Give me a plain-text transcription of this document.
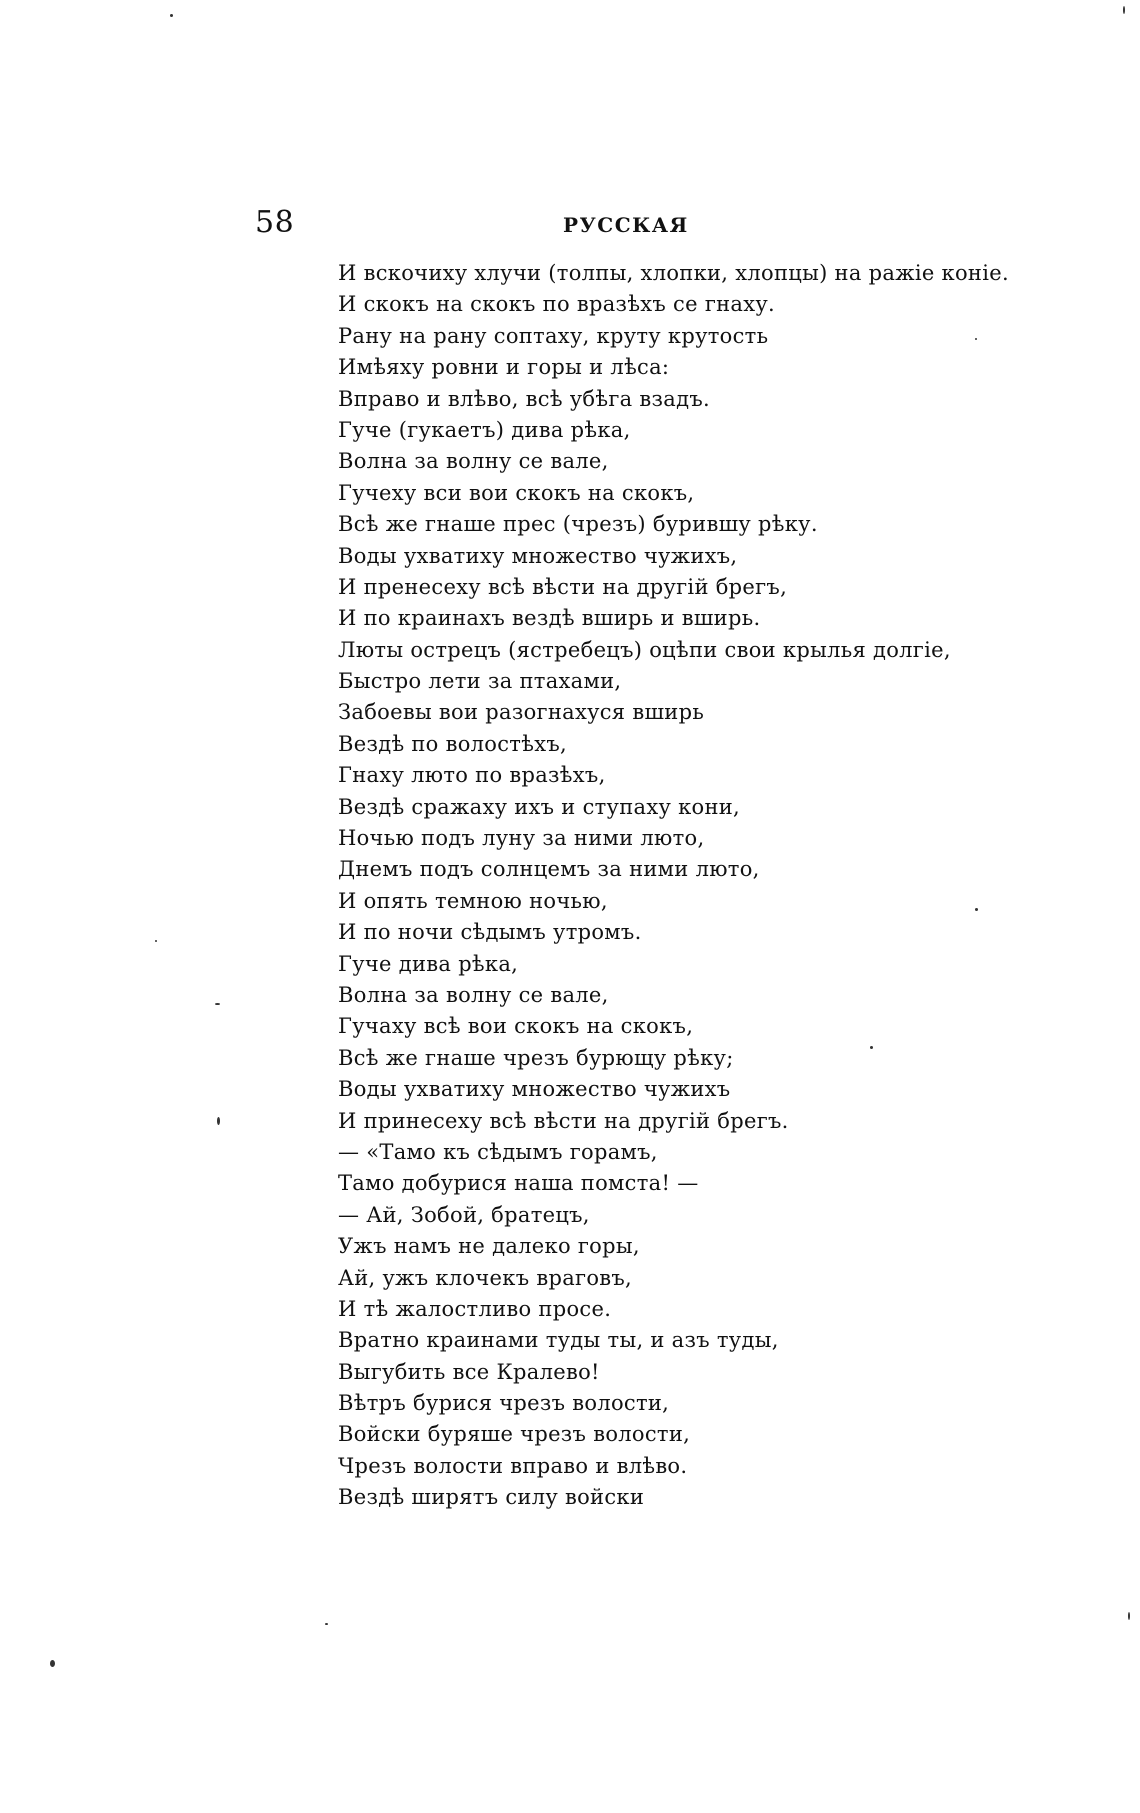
58	РУССКАЯ
И вскочиху хлучи (толпы, хлопки, хлопцы) на ражіе коніе.
И скокъ на скокъ по вразѣхъ се гнаху.
Рану на рану соптаху, круту крутость
Имѣяху ровни и горы и лѣса:
Вправо и влѣво, всѣ убѣга взадъ.
Гуче (гукаетъ) дива рѣка,
Волна за волну се вале,
Гучеху вси вои скокъ на скокъ,
Всѣ же гнаше прес (чрезъ) бурившу рѣку.
Воды ухватиху множество чужихъ,
И пренесеху всѣ вѣсти на другій брегъ,
И по краинахъ вездѣ вширь и вширь.
Люты острецъ (ястребецъ) оцѣпи свои крылья долгіе,
Быстро лети за птахами,
Забоевы вои разогнахуся вширь
Вездѣ по волостѣхъ,
Гнаху люто по вразѣхъ,
Вездѣ сражаху ихъ и ступаху кони,
Ночью подъ луну за ними люто,
Днемъ подъ солнцемъ за ними люто,
И опять темною ночью,
И по ночи сѣдымъ утромъ.
Гуче дива рѣка,
Волна за волну се вале,
Гучаху всѣ вои скокъ на скокъ,
Всѣ же гнаше чрезъ бурющу рѣку;
Воды ухватиху множество чужихъ
И принесеху всѣ вѣсти на другій брегъ.
— «Тамо къ сѣдымъ горамъ,
Тамо добурися наша помста! —
— Ай, Зобой, братецъ,
Ужъ намъ не далеко горы,
Ай, ужъ клочекъ враговъ,
И тѣ жалостливо просе.
Вратно краинами туды ты, и азъ туды,
Выгубить все Кралево!
Вѣтръ бурися чрезъ волости,
Войски буряше чрезъ волости,
Чрезъ волости вправо и влѣво.
Вездѣ ширятъ силу войски
